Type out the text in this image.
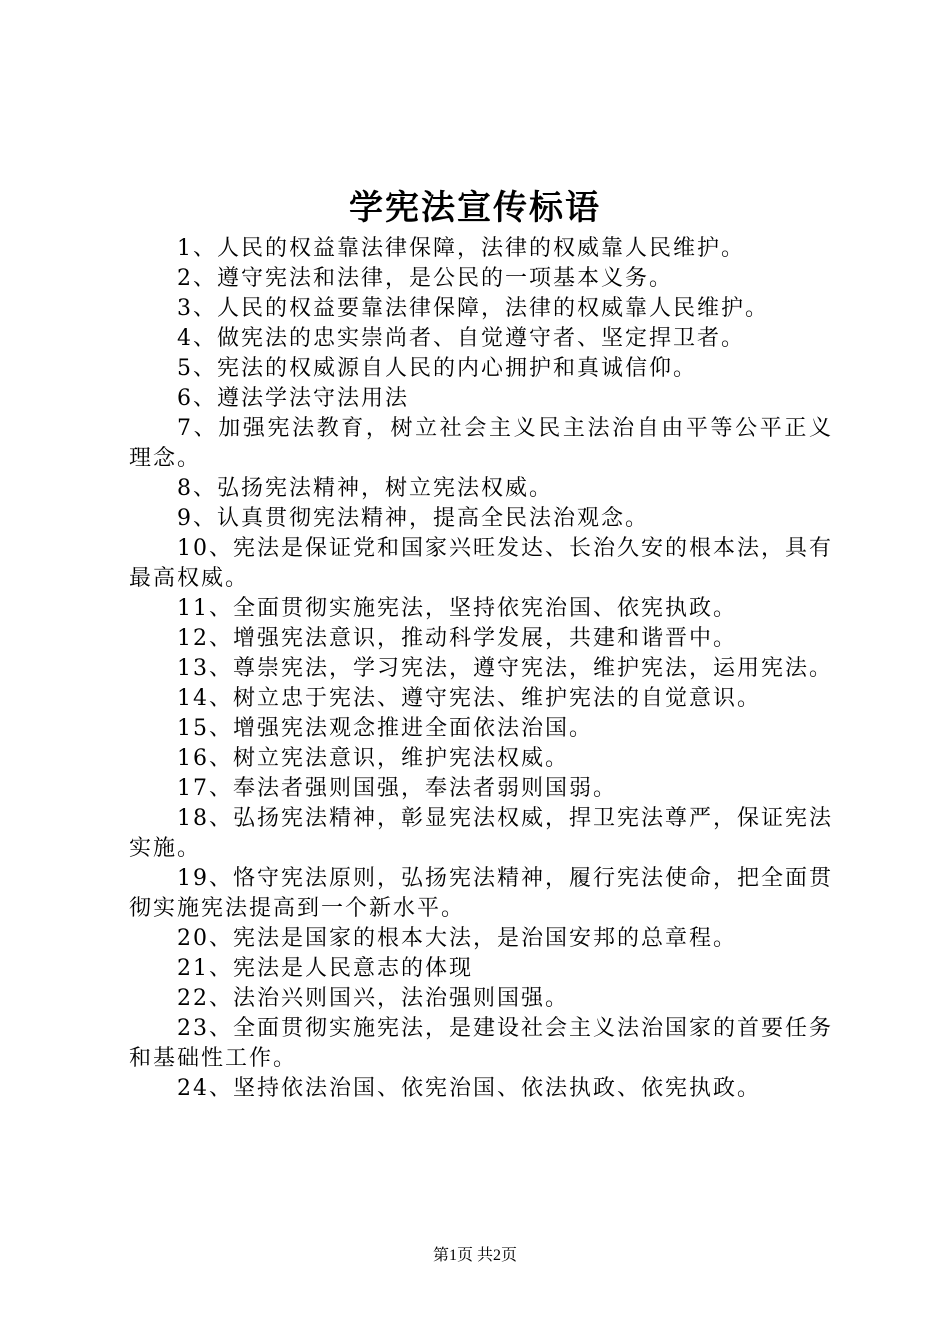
学宪法宣传标语

1、人民的权益靠法律保障，法律的权威靠人民维护。

2、遵守宪法和法律，是公民的一项基本义务。

3、人民的权益要靠法律保障，法律的权威靠人民维护。

4、做宪法的忠实崇尚者、自觉遵守者、坚定捍卫者。

5、宪法的权威源自人民的内心拥护和真诚信仰。

6、遵法学法守法用法

7、加强宪法教育，树立社会主义民主法治自由平等公平正义理念。

8、弘扬宪法精神，树立宪法权威。

9、认真贯彻宪法精神，提高全民法治观念。

10、宪法是保证党和国家兴旺发达、长治久安的根本法，具有最高权威。

11、全面贯彻实施宪法，坚持依宪治国、依宪执政。

12、增强宪法意识，推动科学发展，共建和谐晋中。

13、尊崇宪法，学习宪法，遵守宪法，维护宪法，运用宪法。

14、树立忠于宪法、遵守宪法、维护宪法的自觉意识。

15、增强宪法观念推进全面依法治国。

16、树立宪法意识，维护宪法权威。

17、奉法者强则国强，奉法者弱则国弱。

18、弘扬宪法精神，彰显宪法权威，捍卫宪法尊严，保证宪法实施。

19、恪守宪法原则，弘扬宪法精神，履行宪法使命，把全面贯彻实施宪法提高到一个新水平。

20、宪法是国家的根本大法，是治国安邦的总章程。

21、宪法是人民意志的体现

22、法治兴则国兴，法治强则国强。

23、全面贯彻实施宪法，是建设社会主义法治国家的首要任务和基础性工作。

24、坚持依法治国、依宪治国、依法执政、依宪执政。

第1页 共2页
